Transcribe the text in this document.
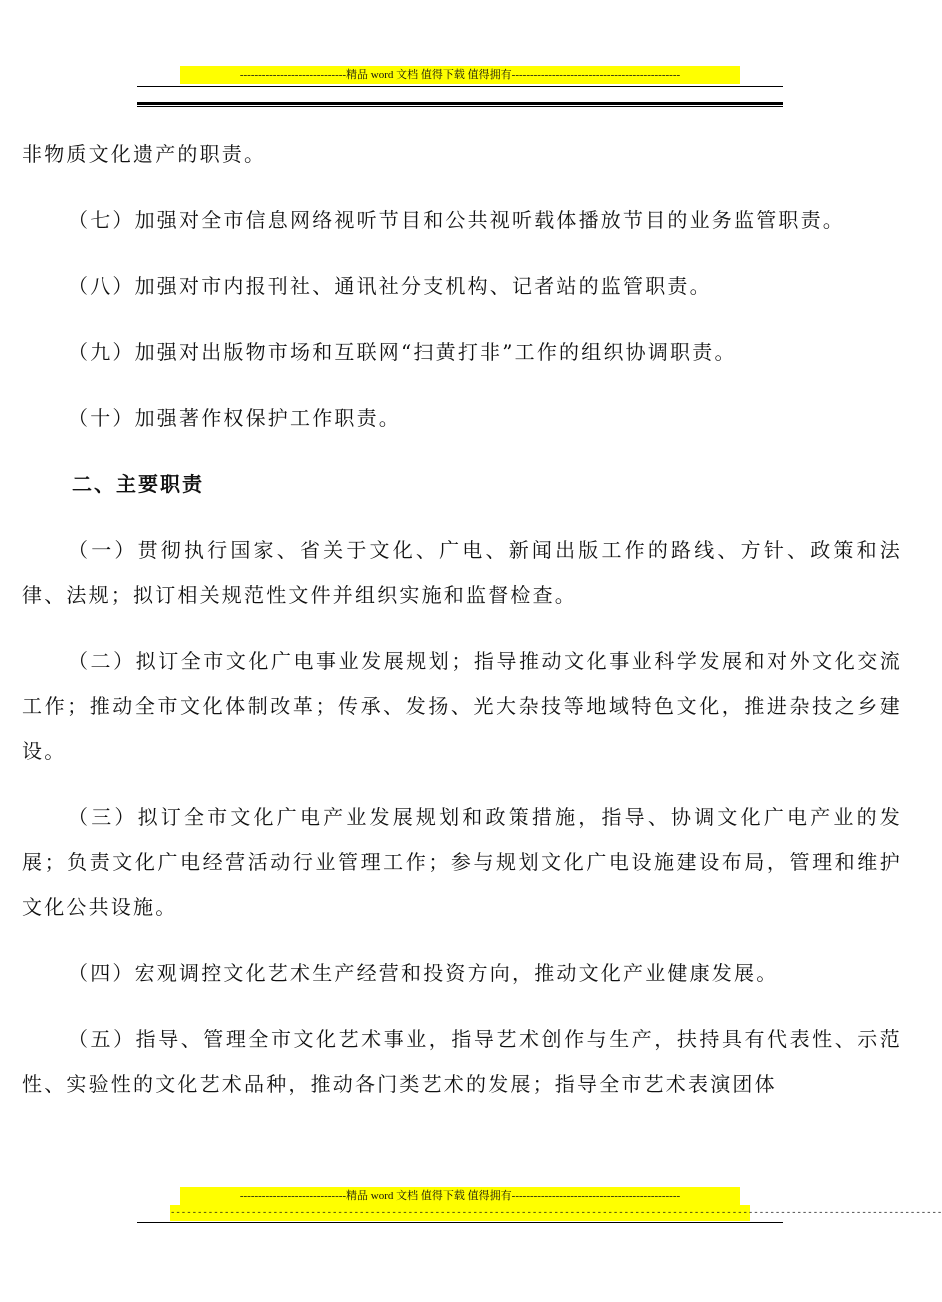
-----------------------------精品 word 文档 值得下载 值得拥有----------------------------------------------

非物质文化遗产的职责。

（七）加强对全市信息网络视听节目和公共视听载体播放节目的业务监管职责。

（八）加强对市内报刊社、通讯社分支机构、记者站的监管职责。

（九）加强对出版物市场和互联网“扫黄打非”工作的组织协调职责。

（十）加强著作权保护工作职责。

二、主要职责

（一）贯彻执行国家、省关于文化、广电、新闻出版工作的路线、方针、政策和法律、法规；拟订相关规范性文件并组织实施和监督检查。

（二）拟订全市文化广电事业发展规划；指导推动文化事业科学发展和对外文化交流工作；推动全市文化体制改革；传承、发扬、光大杂技等地域特色文化，推进杂技之乡建设。

（三）拟订全市文化广电产业发展规划和政策措施，指导、协调文化广电产业的发展；负责文化广电经营活动行业管理工作；参与规划文化广电设施建设布局，管理和维护文化公共设施。

（四）宏观调控文化艺术生产经营和投资方向，推动文化产业健康发展。

（五）指导、管理全市文化艺术事业，指导艺术创作与生产，扶持具有代表性、示范性、实验性的文化艺术品种，推动各门类艺术的发展；指导全市艺术表演团体

-----------------------------精品 word 文档 值得下载 值得拥有----------------------------------------------
-----------------------------------------------------------------------------------------------------------------------------------------------
